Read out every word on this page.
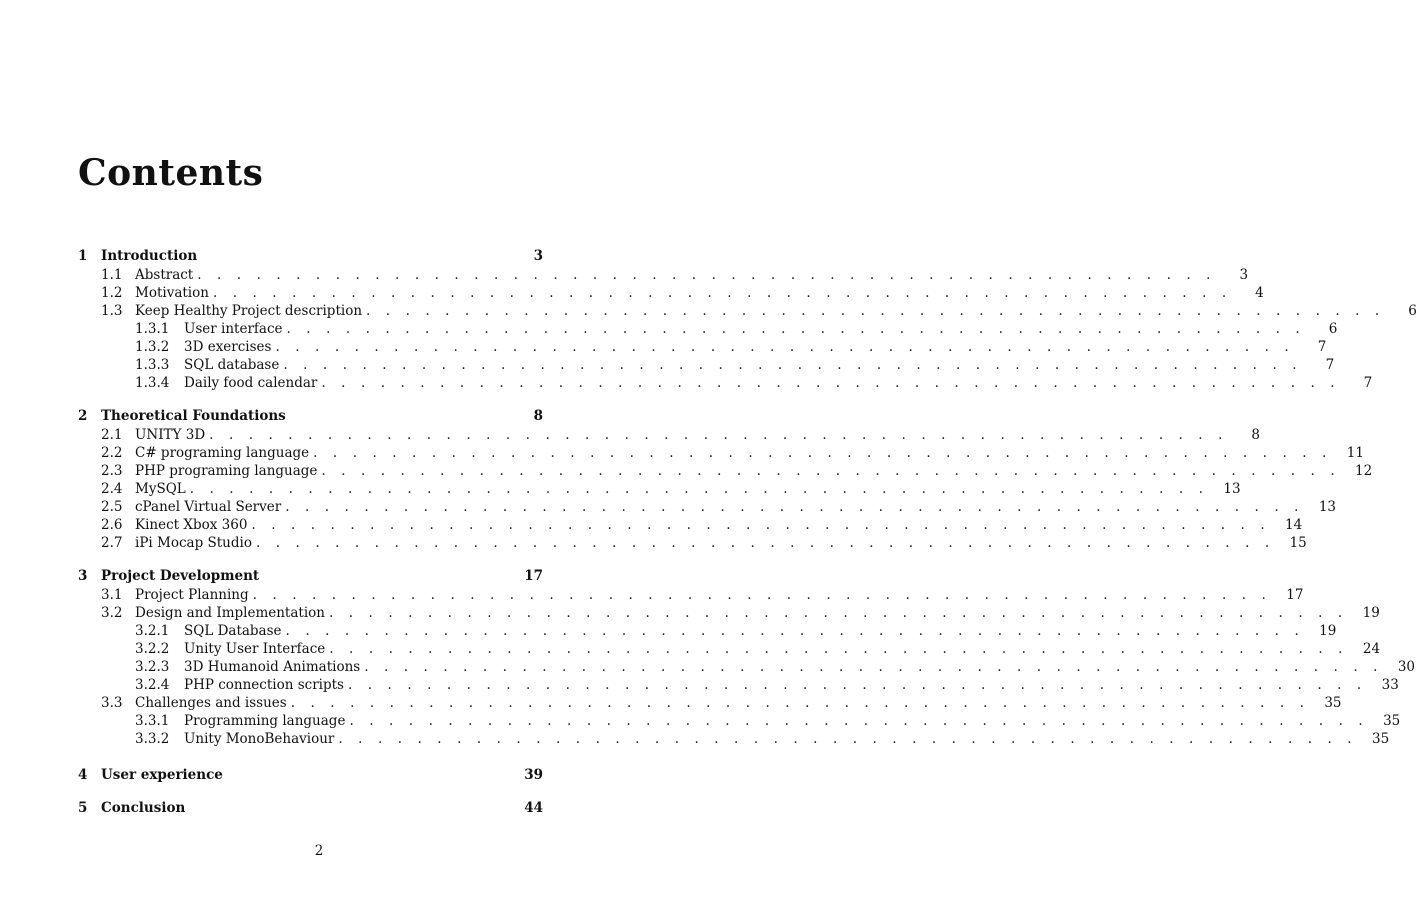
Contents
1	Introduction	3
1.1 Abstract . . . . . . . . . . . . . . . . . . . . . . . . . . . . . . . . . . . . . . . . . . . . . . . . . . . .	3
1.2 Motivation . . . . . . . . . . . . . . . . . . . . . . . . . . . . . . . . . . . . . . . . . . . . . . . . . . . .	4
1.3 Keep Healthy Project description . . . . . . . . . . . . . . . . . . . . . . . . . . . . . . . . . . . . . . . . . . . . . . . . . . . .	6
1.3.1	User interface . . . . . . . . . . . . . . . . . . . . . . . . . . . . . . . . . . . . . . . . . . . . . . . . . . . .	6
1.3.2	3D exercises . . . . . . . . . . . . . . . . . . . . . . . . . . . . . . . . . . . . . . . . . . . . . . . . . . . .	7
1.3.3	SQL database . . . . . . . . . . . . . . . . . . . . . . . . . . . . . . . . . . . . . . . . . . . . . . . . . . . .	7
1.3.4	Daily food calendar . . . . . . . . . . . . . . . . . . . . . . . . . . . . . . . . . . . . . . . . . . . . . . . . . . . .	7
2	Theoretical Foundations	8
2.1 UNITY 3D . . . . . . . . . . . . . . . . . . . . . . . . . . . . . . . . . . . . . . . . . . . . . . . . . . . .	8
2.2 C# programing language . . . . . . . . . . . . . . . . . . . . . . . . . . . . . . . . . . . . . . . . . . . . . . . . . . . .	11
2.3 PHP programing language . . . . . . . . . . . . . . . . . . . . . . . . . . . . . . . . . . . . . . . . . . . . . . . . . . . .	12
2.4 MySQL . . . . . . . . . . . . . . . . . . . . . . . . . . . . . . . . . . . . . . . . . . . . . . . . . . . .	13
2.5 cPanel Virtual Server . . . . . . . . . . . . . . . . . . . . . . . . . . . . . . . . . . . . . . . . . . . . . . . . . . . .	13
2.6 Kinect Xbox 360 . . . . . . . . . . . . . . . . . . . . . . . . . . . . . . . . . . . . . . . . . . . . . . . . . . . .	14
2.7 iPi Mocap Studio . . . . . . . . . . . . . . . . . . . . . . . . . . . . . . . . . . . . . . . . . . . . . . . . . . . .	15
3	Project Development	17
3.1 Project Planning . . . . . . . . . . . . . . . . . . . . . . . . . . . . . . . . . . . . . . . . . . . . . . . . . . . .	17
3.2 Design and Implementation . . . . . . . . . . . . . . . . . . . . . . . . . . . . . . . . . . . . . . . . . . . . . . . . . . . .	19
3.2.1	SQL Database . . . . . . . . . . . . . . . . . . . . . . . . . . . . . . . . . . . . . . . . . . . . . . . . . . . .	19
3.2.2	Unity User Interface . . . . . . . . . . . . . . . . . . . . . . . . . . . . . . . . . . . . . . . . . . . . . . . . . . . .	24
3.2.3	3D Humanoid Animations . . . . . . . . . . . . . . . . . . . . . . . . . . . . . . . . . . . . . . . . . . . . . . . . . . . .	30
3.2.4	PHP connection scripts . . . . . . . . . . . . . . . . . . . . . . . . . . . . . . . . . . . . . . . . . . . . . . . . . . . .	33
3.3 Challenges and issues . . . . . . . . . . . . . . . . . . . . . . . . . . . . . . . . . . . . . . . . . . . . . . . . . . . .	35
3.3.1	Programming language . . . . . . . . . . . . . . . . . . . . . . . . . . . . . . . . . . . . . . . . . . . . . . . . . . . .	35
3.3.2	Unity MonoBehaviour . . . . . . . . . . . . . . . . . . . . . . . . . . . . . . . . . . . . . . . . . . . . . . . . . . . .	35
4	User experience	39
5	Conclusion	44
2
